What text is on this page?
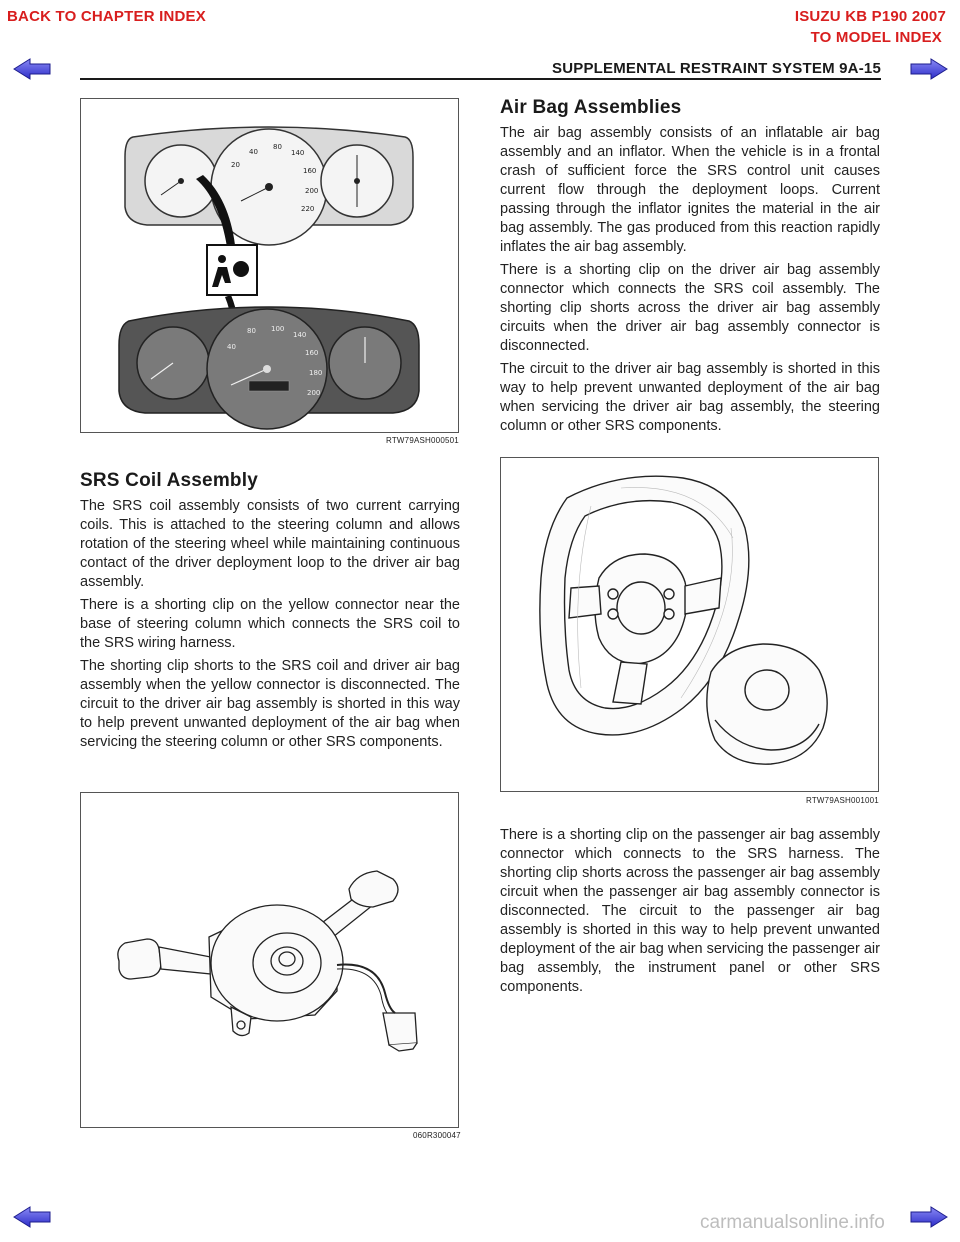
BACK TO CHAPTER INDEX	ISUZU KB P190 2007
TO MODEL INDEX
SUPPLEMENTAL RESTRAINT SYSTEM 9A-15
20
40
80
140
160
200
220
40
80 100
140
160
180
200
RTW79ASH000501
SRS Coil Assembly

The SRS coil assembly consists of two current carrying coils. This is attached to the steering column and allows rotation of the steering wheel while maintaining continuous contact of the driver deployment loop to the driver air bag assembly.

There is a shorting clip on the yellow connector near the base of steering column which connects the SRS coil to the SRS wiring harness.

The shorting clip shorts to the SRS coil and driver air bag assembly when the yellow connector is disconnected. The circuit to the driver air bag assembly is shorted in this way to help prevent unwanted deployment of the air bag when servicing the steering column or other SRS components.

060R300047
Air Bag Assemblies

The air bag assembly consists of an inflatable air bag assembly and an inflator. When the vehicle is in a frontal crash of sufficient force the SRS control unit causes current flow through the deployment loops. Current passing through the inflator ignites the material in the air bag assembly. The gas produced from this reaction rapidly inflates the air bag assembly.

There is a shorting clip on the driver air bag assembly connector which connects the SRS coil assembly. The shorting clip shorts across the driver air bag assembly circuits when the driver air bag assembly connector is disconnected.

The circuit to the driver air bag assembly is shorted in this way to help prevent unwanted deployment of the air bag when servicing the driver air bag assembly, the steering column or other SRS components.

RTW79ASH001001

There is a shorting clip on the passenger air bag assembly connector which connects to the SRS harness. The shorting clip shorts across the passenger air bag assembly circuit when the passenger air bag assembly connector is disconnected. The circuit to the passenger air bag assembly is shorted in this way to help prevent unwanted deployment of the air bag when servicing the passenger air bag assembly, the instrument panel or other SRS components.

carmanualsonline.info
